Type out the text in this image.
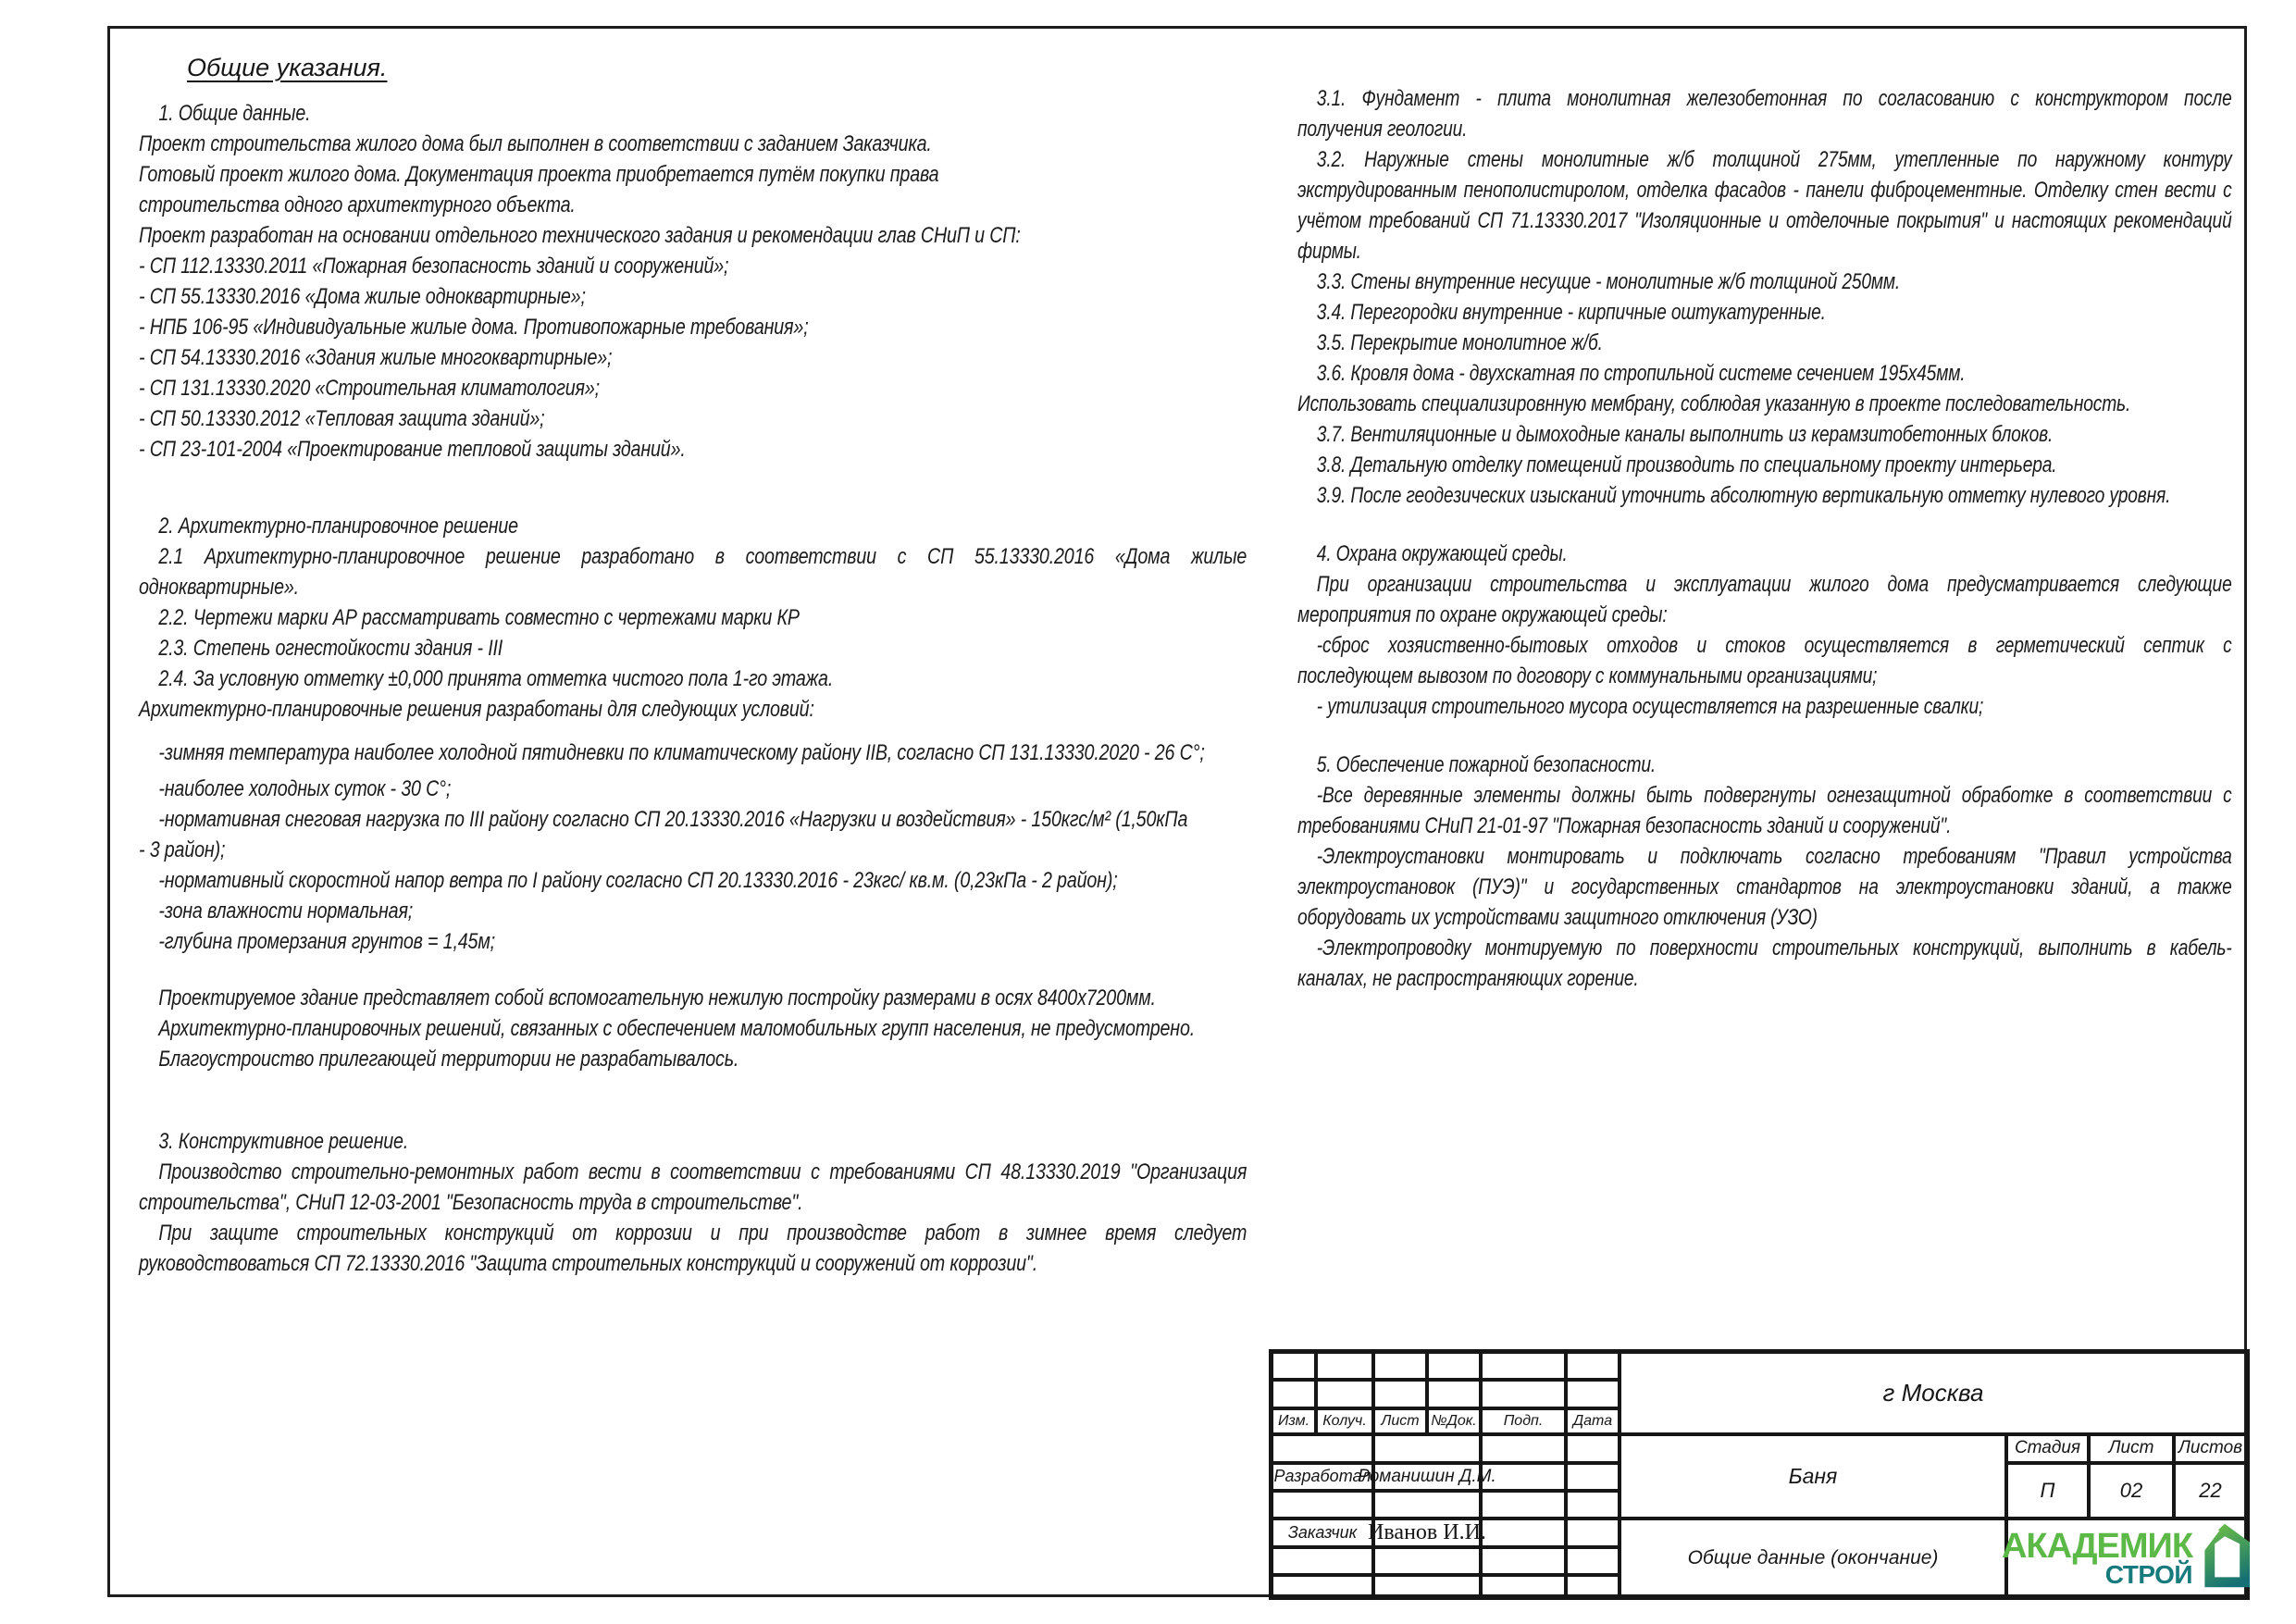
Общие указания.

1. Общие данные.

Проект строительства жилого дома был выполнен в соответствии с заданием Заказчика.

Готовый проект жилого дома. Документация проекта приобретается путём покупки права

строительства одного архитектурного объекта.

Проект разработан на основании отдельного технического задания и рекомендации глав СНиП и СП:

- СП 112.13330.2011 «Пожарная безопасность зданий и сооружений»;

- СП 55.13330.2016 «Дома жилые одноквартирные»;

- НПБ 106-95 «Индивидуальные жилые дома. Противопожарные требования»;

- СП 54.13330.2016 «Здания жилые многоквартирные»;

- СП 131.13330.2020 «Строительная климатология»;

- СП 50.13330.2012 «Тепловая защита зданий»;

- СП 23-101-2004 «Проектирование тепловой защиты зданий».

2. Архитектурно-планировочное решение

2.1 Архитектурно-планировочное решение разработано в соответствии с СП 55.13330.2016 «Дома жилые

одноквартирные».

2.2. Чертежи марки АР рассматривать совместно с чертежами марки КР

2.3. Степень огнестойкости здания - III

2.4. За условную отметку ±0,000 принята отметка чистого пола 1-го этажа.

Архитектурно-планировочные решения разработаны для следующих условий:

-зимняя температура наиболее холодной пятидневки по климатическому району IIВ, согласно СП 131.13330.2020 - 26 С°;

-наиболее холодных суток - 30 С°;

-нормативная снеговая нагрузка по III району согласно СП 20.13330.2016 «Нагрузки и воздействия» - 150кгс/м² (1,50кПа

- 3 район);

-нормативный скоростной напор ветра по I району согласно СП 20.13330.2016 - 23кгс/ кв.м. (0,23кПа - 2 район);

-зона влажности нормальная;

-глубина промерзания грунтов = 1,45м;

Проектируемое здание представляет собой вспомогательную нежилую постройку размерами в осях 8400х7200мм.

Архитектурно-планировочных решений, связанных с обеспечением маломобильных групп населения, не предусмотрено.

Благоустроиство прилегающей территории не разрабатывалось.

3. Конструктивное решение.

Производство строительно-ремонтных работ вести в соответствии с требованиями СП 48.13330.2019 "Организация

строительства", СНиП 12-03-2001 "Безопасность труда в строительстве".

При защите строительных конструкций от коррозии и при производстве работ в зимнее время следует

руководствоваться СП 72.13330.2016 "Защита строительных конструкций и сооружений от коррозии".

3.1. Фундамент - плита монолитная железобетонная по согласованию с конструктором после

получения геологии.

3.2. Наружные стены монолитные ж/б толщиной 275мм, утепленные по наружному контуру

экструдированным пенополистиролом, отделка фасадов - панели фиброцементные. Отделку стен вести с

учётом требований СП 71.13330.2017 "Изоляционные и отделочные покрытия" и настоящих рекомендаций

фирмы.

3.3. Стены внутренние несущие - монолитные ж/б толщиной 250мм.

3.4. Перегородки внутренние - кирпичные оштукатуренные.

3.5. Перекрытие монолитное ж/б.

3.6. Кровля дома - двухскатная по стропильной системе сечением 195х45мм.

Использовать специализировнную мембрану, соблюдая указанную в проекте последовательность.

3.7. Вентиляционные и дымоходные каналы выполнить из керамзитобетонных блоков.

3.8. Детальную отделку помещений производить по специальному проекту интерьера.

3.9. После геодезических изысканий уточнить абсолютную вертикальную отметку нулевого уровня.

4. Охрана окружающей среды.

При организации строительства и эксплуатации жилого дома предусматривается следующие

мероприятия по охране окружающей среды:

-сброс хозяиственно-бытовых отходов и стоков осуществляется в герметический септик с

последующем вывозом по договору с коммунальными организациями;

- утилизация строительного мусора осуществляется на разрешенные свалки;

5. Обеспечение пожарной безопасности.

-Все деревянные элементы должны быть подвергнуты огнезащитной обработке в соответствии с

требованиями СНиП 21-01-97 "Пожарная безопасность зданий и сооружений".

-Электроустановки монтировать и подключать согласно требованиям "Правил устройства

электроустановок (ПУЭ)" и государственных стандартов на электроустановки зданий, а также

оборудовать их устройствами защитного отключения (УЗО)

-Электропроводку монтируемую по поверхности строительных конструкций, выполнить в кабель-

каналах, не распространяющих горение.

г Москва
Баня
Стадия Лист Листов
П	02	22
Общие данные (окончание) АКАДЕМИК
СТРОЙ
Изм. Колуч. Лист №Док.	Подп.	Дата
Разработал
Романишин Д.М.
Заказчик Иванов И.И.
